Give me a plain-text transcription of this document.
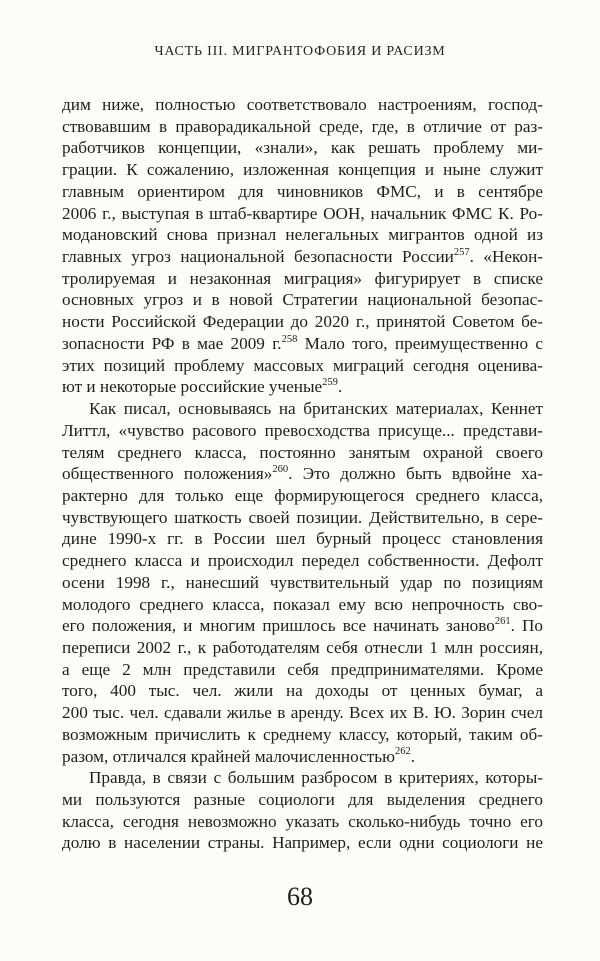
ЧАСТЬ III. МИГРАНТОФОБИЯ И РАСИЗМ
дим ниже, полностью соответствовало настроениям, господ-
ствовавшим в праворадикальной среде, где, в отличие от раз-
работчиков концепции, «знали», как решать проблему ми-
грации. К сожалению, изложенная концепция и ныне служит
главным ориентиром для чиновников ФМС, и в сентябре
2006 г., выступая в штаб-квартире ООН, начальник ФМС К. Ро-
модановский снова признал нелегальных мигрантов одной из
главных угроз национальной безопасности России$^{257}$. «Некон-
тролируемая и незаконная миграция» фигурирует в списке
основных угроз и в новой Стратегии национальной безопас-
ности Российской Федерации до 2020 г., принятой Советом бе-
зопасности РФ в мае 2009 г.$^{258}$ Мало того, преимущественно с
этих позиций проблему массовых миграций сегодня оценива-
ют и некоторые российские ученые$^{259}$.
Как писал, основываясь на британских материалах, Кеннет
Литтл, «чувство расового превосходства присуще... представи-
телям среднего класса, постоянно занятым охраной своего
общественного положения»$^{260}$. Это должно быть вдвойне ха-
рактерно для только еще формирующегося среднего класса,
чувствующего шаткость своей позиции. Действительно, в сере-
дине 1990-х гг. в России шел бурный процесс становления
среднего класса и происходил передел собственности. Дефолт
осени 1998 г., нанесший чувствительный удар по позициям
молодого среднего класса, показал ему всю непрочность сво-
его положения, и многим пришлось все начинать заново$^{261}$. По
переписи 2002 г., к работодателям себя отнесли 1 млн россиян,
а еще 2 млн представили себя предпринимателями. Кроме
того, 400 тыс. чел. жили на доходы от ценных бумаг, а
200 тыс. чел. сдавали жилье в аренду. Всех их В. Ю. Зорин счел
возможным причислить к среднему классу, который, таким об-
разом, отличался крайней малочисленностью$^{262}$.
Правда, в связи с большим разбросом в критериях, которы-
ми пользуются разные социологи для выделения среднего
класса, сегодня невозможно указать сколько-нибудь точно его
долю в населении страны. Например, если одни социологи не
68
